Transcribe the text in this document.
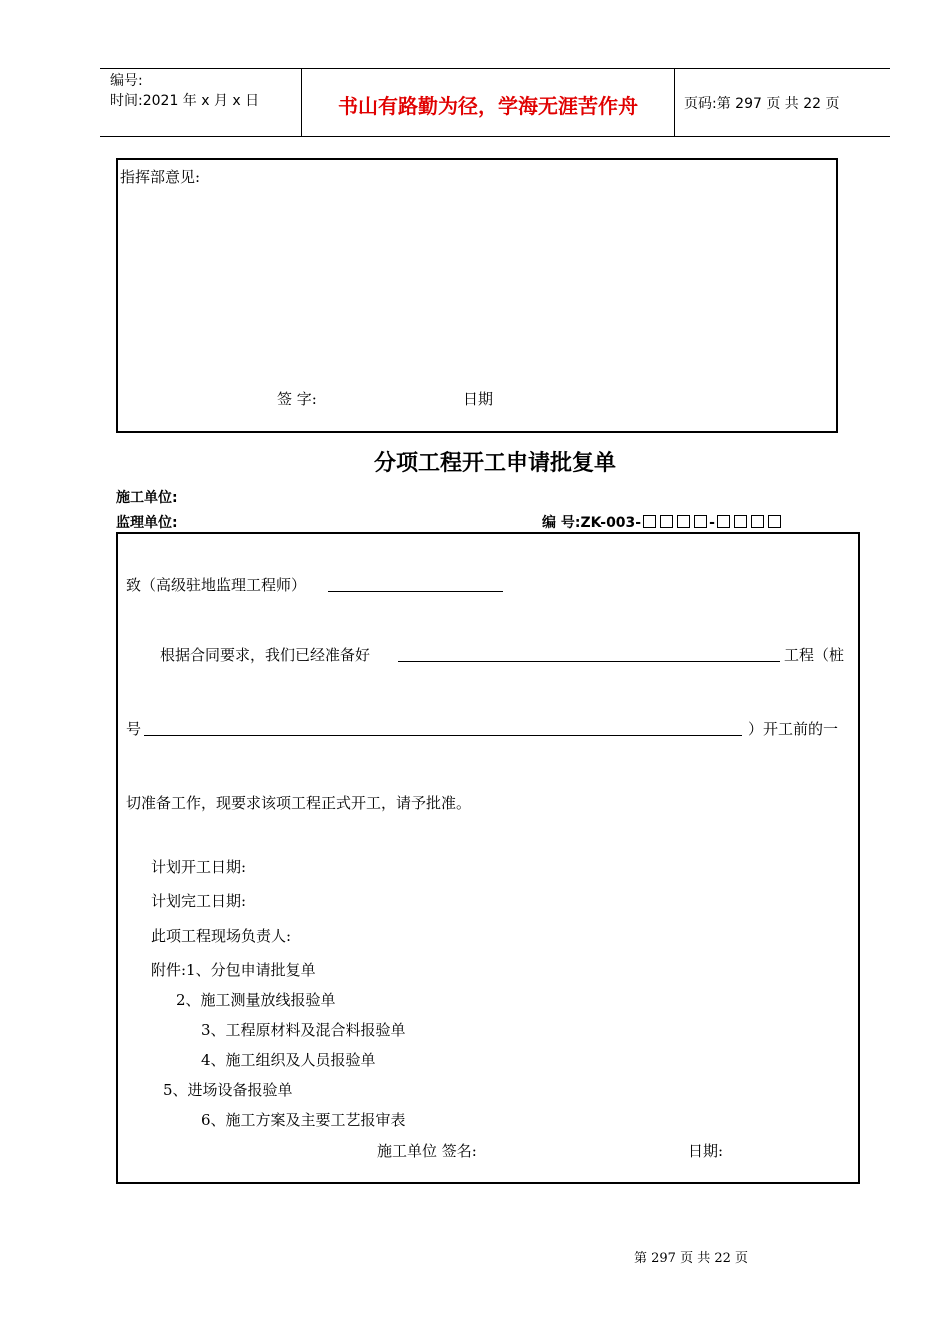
编号:
时间:2021 年 x 月 x 日	书山有路勤为径，学海无涯苦作舟	页码:第 297 页 共 22 页
指挥部意见:
签 字:	日期
分项工程开工申请批复单
施工单位:
监理单位:	编 号:ZK-003-	-
致（高级驻地监理工程师）
根据合同要求，我们已经准备好	工程（桩
号	）开工前的一
切准备工作，现要求该项工程正式开工，请予批准。
计划开工日期:
计划完工日期:
此项工程现场负责人:
附件:1、分包申请批复单
2、施工测量放线报验单
3、工程原材料及混合料报验单
4、施工组织及人员报验单
5、进场设备报验单
6、施工方案及主要工艺报审表
施工单位 签名:	日期:
第 297 页 共 22 页
